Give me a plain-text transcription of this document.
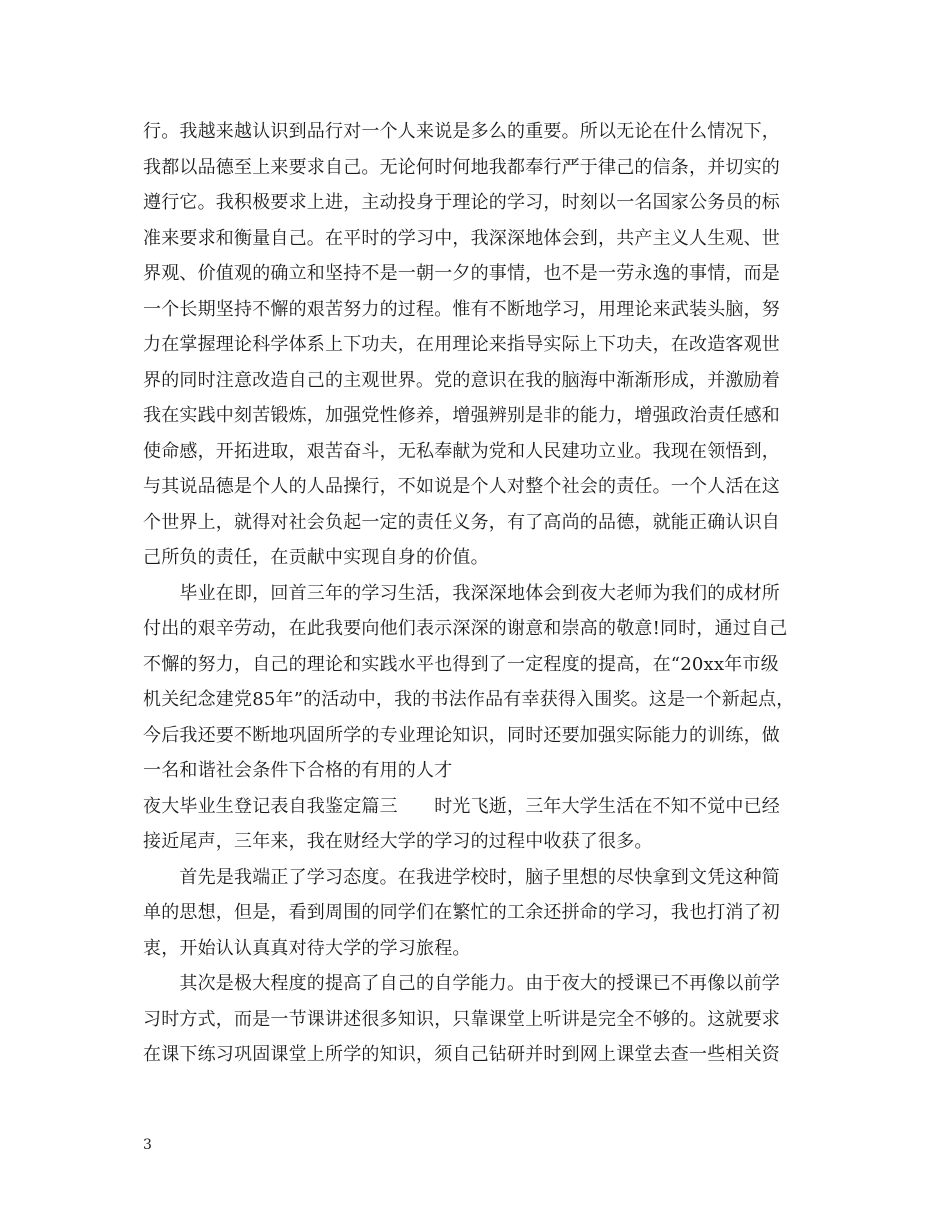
行。我越来越认识到品行对一个人来说是多么的重要。所以无论在什么情况下，
我都以品德至上来要求自己。无论何时何地我都奉行严于律己的信条，并切实的
遵行它。我积极要求上进，主动投身于理论的学习，时刻以一名国家公务员的标
准来要求和衡量自己。在平时的学习中，我深深地体会到，共产主义人生观、世
界观、价值观的确立和坚持不是一朝一夕的事情，也不是一劳永逸的事情，而是
一个长期坚持不懈的艰苦努力的过程。惟有不断地学习，用理论来武装头脑，努
力在掌握理论科学体系上下功夫，在用理论来指导实际上下功夫，在改造客观世
界的同时注意改造自己的主观世界。党的意识在我的脑海中渐渐形成，并激励着
我在实践中刻苦锻炼，加强党性修养，增强辨别是非的能力，增强政治责任感和
使命感，开拓进取，艰苦奋斗，无私奉献为党和人民建功立业。我现在领悟到，
与其说品德是个人的人品操行，不如说是个人对整个社会的责任。一个人活在这
个世界上，就得对社会负起一定的责任义务，有了高尚的品德，就能正确认识自
己所负的责任，在贡献中实现自身的价值。
　　毕业在即，回首三年的学习生活，我深深地体会到夜大老师为我们的成材所
付出的艰辛劳动，在此我要向他们表示深深的谢意和崇高的敬意!同时，通过自己
不懈的努力，自己的理论和实践水平也得到了一定程度的提高，在“20xx年市级
机关纪念建党85年”的活动中，我的书法作品有幸获得入围奖。这是一个新起点，
今后我还要不断地巩固所学的专业理论知识，同时还要加强实际能力的训练，做
一名和谐社会条件下合格的有用的人才
夜大毕业生登记表自我鉴定篇三　　时光飞逝，三年大学生活在不知不觉中已经
接近尾声，三年来，我在财经大学的学习的过程中收获了很多。
　　首先是我端正了学习态度。在我进学校时，脑子里想的尽快拿到文凭这种简
单的思想，但是，看到周围的同学们在繁忙的工余还拼命的学习，我也打消了初
衷，开始认认真真对待大学的学习旅程。
　　其次是极大程度的提高了自己的自学能力。由于夜大的授课已不再像以前学
习时方式，而是一节课讲述很多知识，只靠课堂上听讲是完全不够的。这就要求
在课下练习巩固课堂上所学的知识，须自己钻研并时到网上课堂去查一些相关资
3
